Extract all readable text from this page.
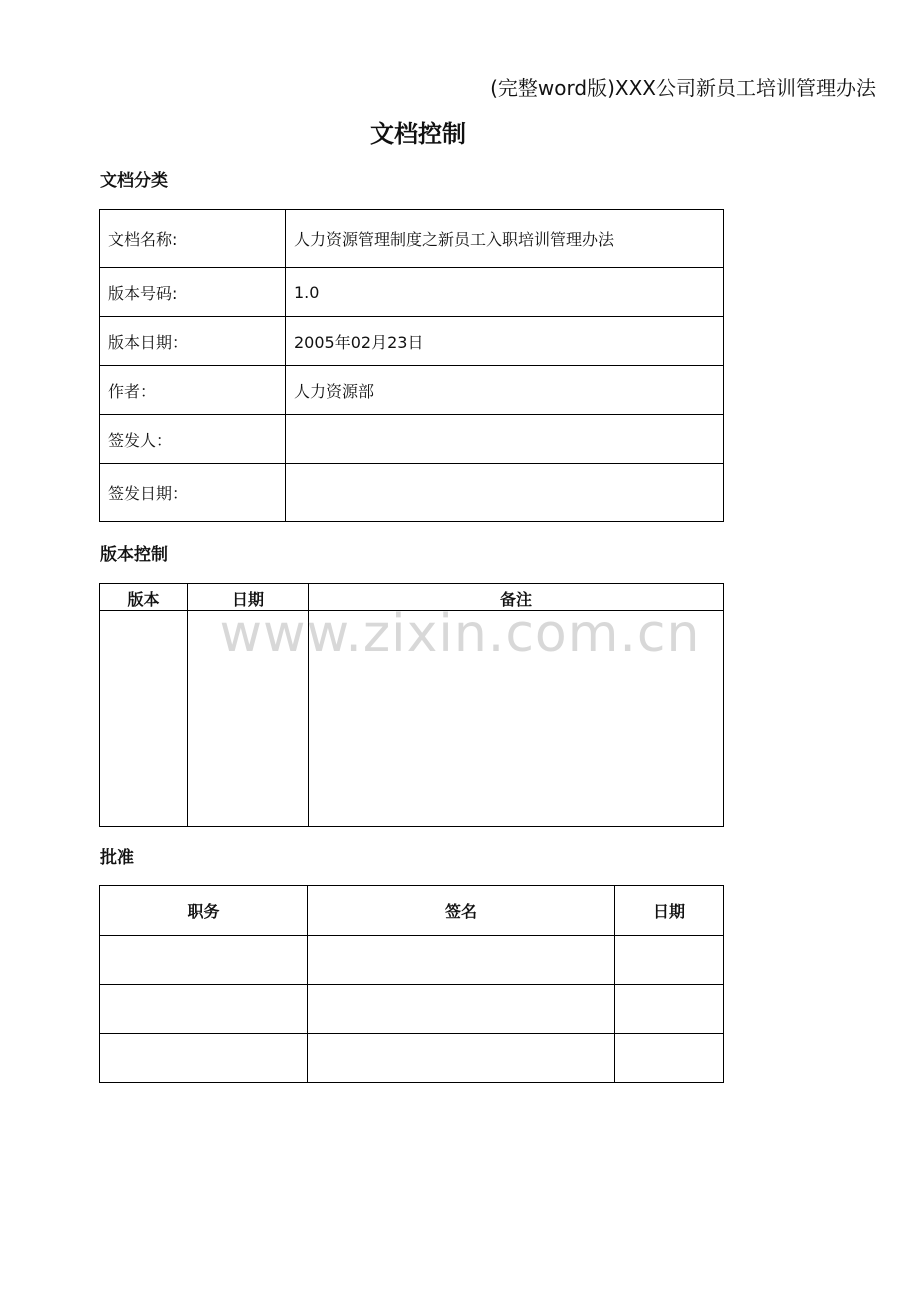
(完整word版)XXX公司新员工培训管理办法
文档控制
文档分类
文档名称:	人力资源管理制度之新员工入职培训管理办法
版本号码:	1.0
版本日期：	2005年02月23日
作者：	人力资源部
签发人：	
签发日期：	
版本控制
版本	日期	备注

批准
职务	签名	日期

www.zixin.com.cn
